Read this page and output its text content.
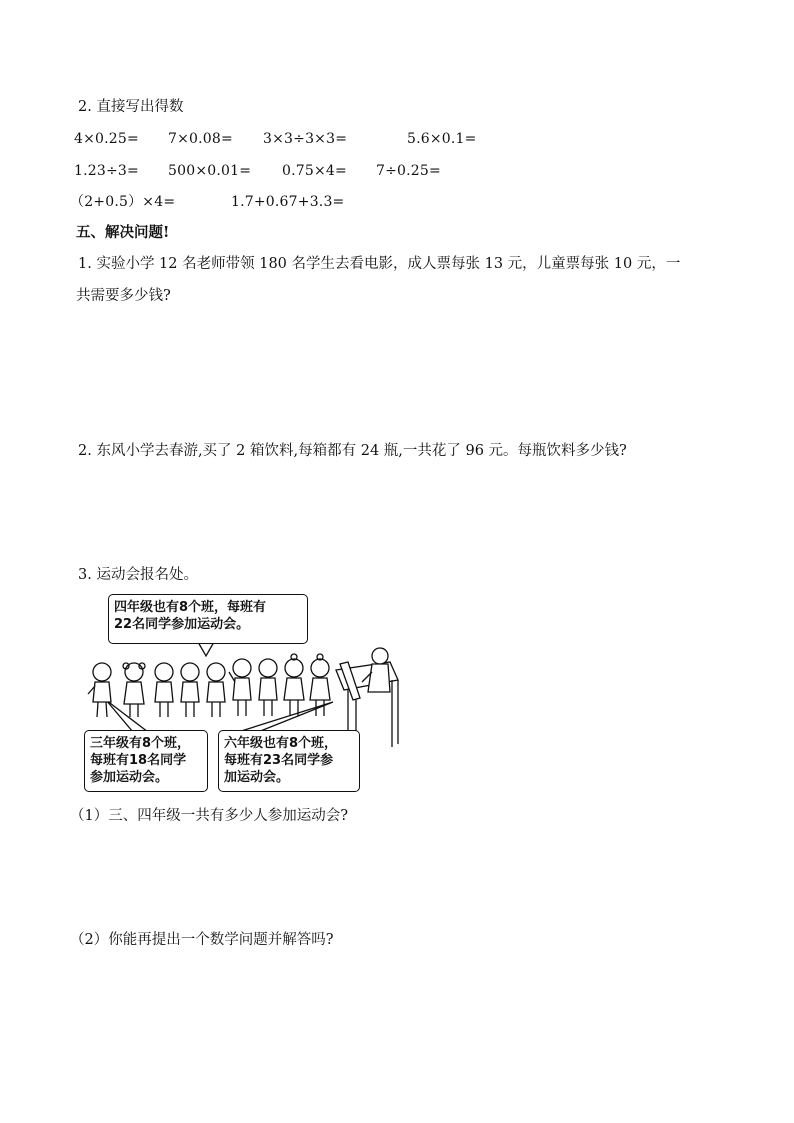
2. 直接写出得数
4×0.25= 7×0.08= 3×3÷3×3=	5.6×0.1=
1.23÷3= 500×0.01= 0.75×4= 7÷0.25=
（2+0.5）×4=	1.7+0.67+3.3=
五、解决问题!
1. 实验小学 12 名老师带领 180 名学生去看电影，成人票每张 13 元，儿童票每张 10 元，一
共需要多少钱?
2. 东风小学去春游,买了 2 箱饮料,每箱都有 24 瓶,一共花了 96 元。每瓶饮料多少钱?
3. 运动会报名处。
四年级也有8个班，每班有
22名同学参加运动会。
三年级有8个班，
每班有18名同学
参加运动会。
六年级也有8个班，
每班有23名同学参
加运动会。
（1）三、四年级一共有多少人参加运动会?
（2）你能再提出一个数学问题并解答吗?
